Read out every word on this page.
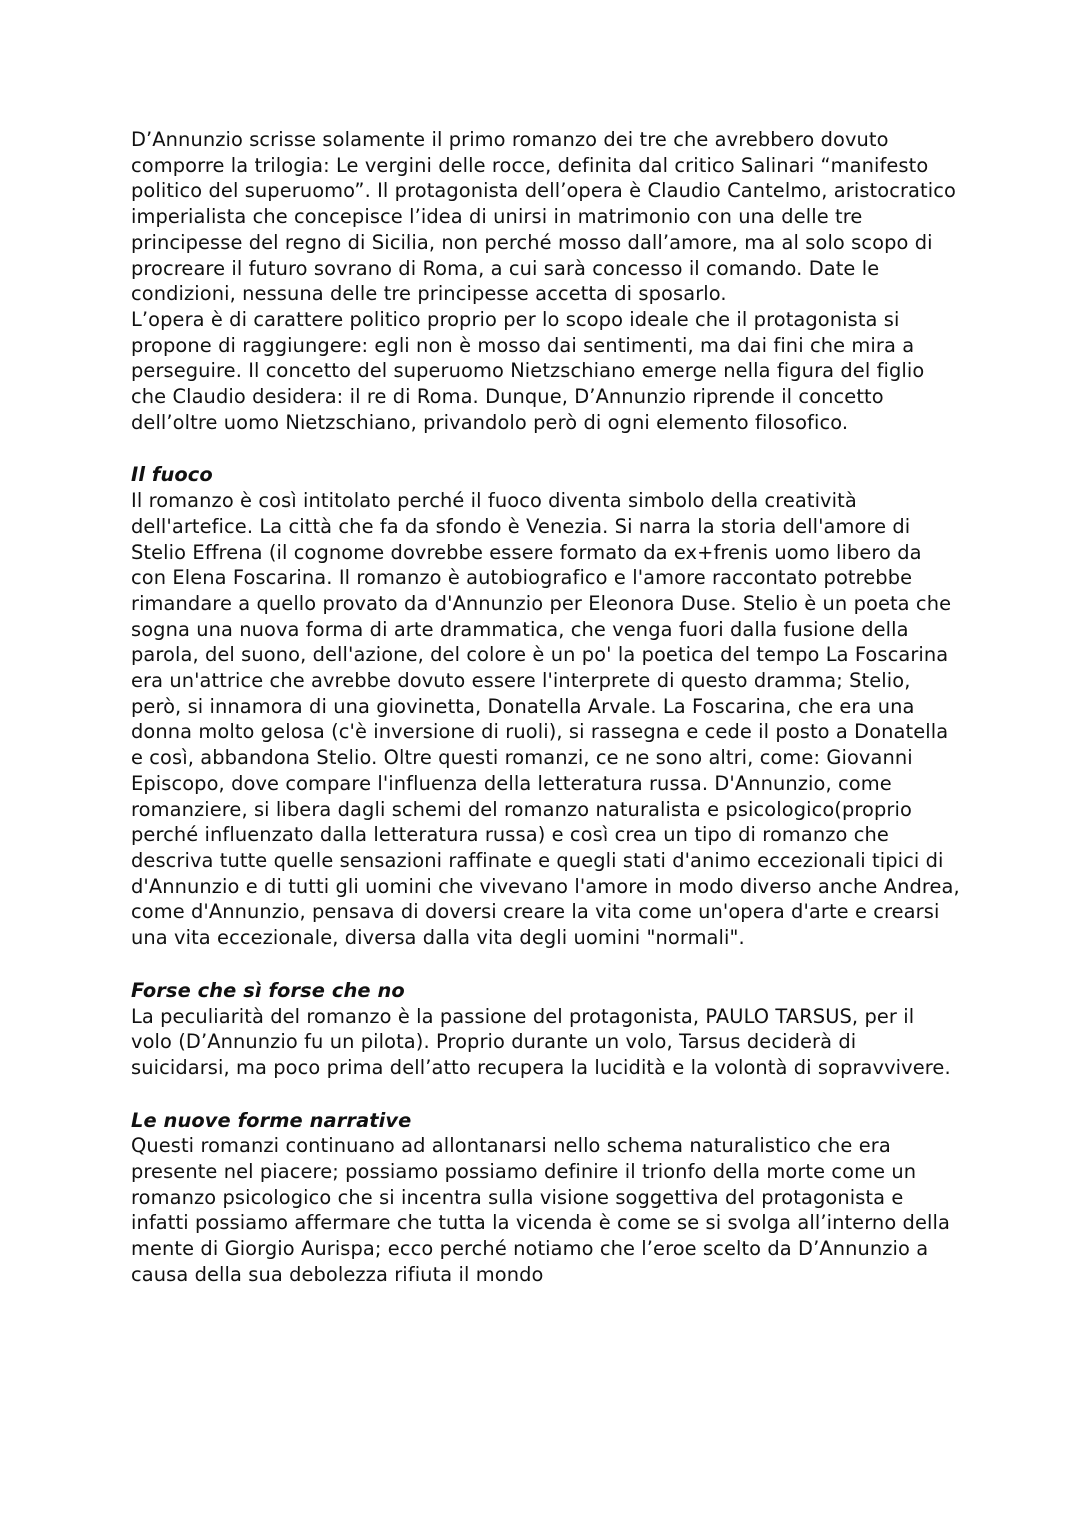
D’Annunzio scrisse solamente il primo romanzo dei tre che avrebbero dovuto comporre la trilogia: Le vergini delle rocce, definita dal critico Salinari “manifesto politico del superuomo”. Il protagonista dell’opera è Claudio Cantelmo, aristocratico imperialista che concepisce l’idea di unirsi in matrimonio con una delle tre principesse del regno di Sicilia, non perché mosso dall’amore, ma al solo scopo di procreare il futuro sovrano di Roma, a cui sarà concesso il comando. Date le condizioni, nessuna delle tre principesse accetta di sposarlo.

L’opera è di carattere politico proprio per lo scopo ideale che il protagonista si propone di raggiungere: egli non è mosso dai sentimenti, ma dai fini che mira a perseguire. Il concetto del superuomo Nietzschiano emerge nella figura del figlio che Claudio desidera: il re di Roma. Dunque, D’Annunzio riprende il concetto dell’oltre uomo Nietzschiano, privandolo però di ogni elemento filosofico.

Il fuoco

Il romanzo è così intitolato perché il fuoco diventa simbolo della creatività dell'artefice. La città che fa da sfondo è Venezia. Si narra la storia dell'amore di Stelio Effrena (il cognome dovrebbe essere formato da ex+frenis uomo libero da con Elena Foscarina. Il romanzo è autobiografico e l'amore raccontato potrebbe rimandare a quello provato da d'Annunzio per Eleonora Duse. Stelio è un poeta che sogna una nuova forma di arte drammatica, che venga fuori dalla fusione della parola, del suono, dell'azione, del colore è un po' la poetica del tempo La Foscarina era un'attrice che avrebbe dovuto essere l'interprete di questo dramma; Stelio, però, si innamora di una giovinetta, Donatella Arvale. La Foscarina, che era una donna molto gelosa (c'è inversione di ruoli), si rassegna e cede il posto a Donatella e così, abbandona Stelio. Oltre questi romanzi, ce ne sono altri, come: Giovanni Episcopo, dove compare l'influenza della letteratura russa. D'Annunzio, come romanziere, si libera dagli schemi del romanzo naturalista e psicologico(proprio perché influenzato dalla letteratura russa) e così crea un tipo di romanzo che descriva tutte quelle sensazioni raffinate e quegli stati d'animo eccezionali tipici di d'Annunzio e di tutti gli uomini che vivevano l'amore in modo diverso anche Andrea, come d'Annunzio, pensava di doversi creare la vita come un'opera d'arte e crearsi una vita eccezionale, diversa dalla vita degli uomini "normali".

Forse che sì forse che no

La peculiarità del romanzo è la passione del protagonista, PAULO TARSUS, per il volo (D’Annunzio fu un pilota). Proprio durante un volo, Tarsus deciderà di suicidarsi, ma poco prima dell’atto recupera la lucidità e la volontà di sopravvivere.

Le nuove forme narrative

Questi romanzi continuano ad allontanarsi nello schema naturalistico che era presente nel piacere; possiamo possiamo definire il trionfo della morte come un romanzo psicologico che si incentra sulla visione soggettiva del protagonista e infatti possiamo affermare che tutta la vicenda è come se si svolga all’interno della mente di Giorgio Aurispa; ecco perché notiamo che l’eroe scelto da D’Annunzio a causa della sua debolezza rifiuta il mondo
